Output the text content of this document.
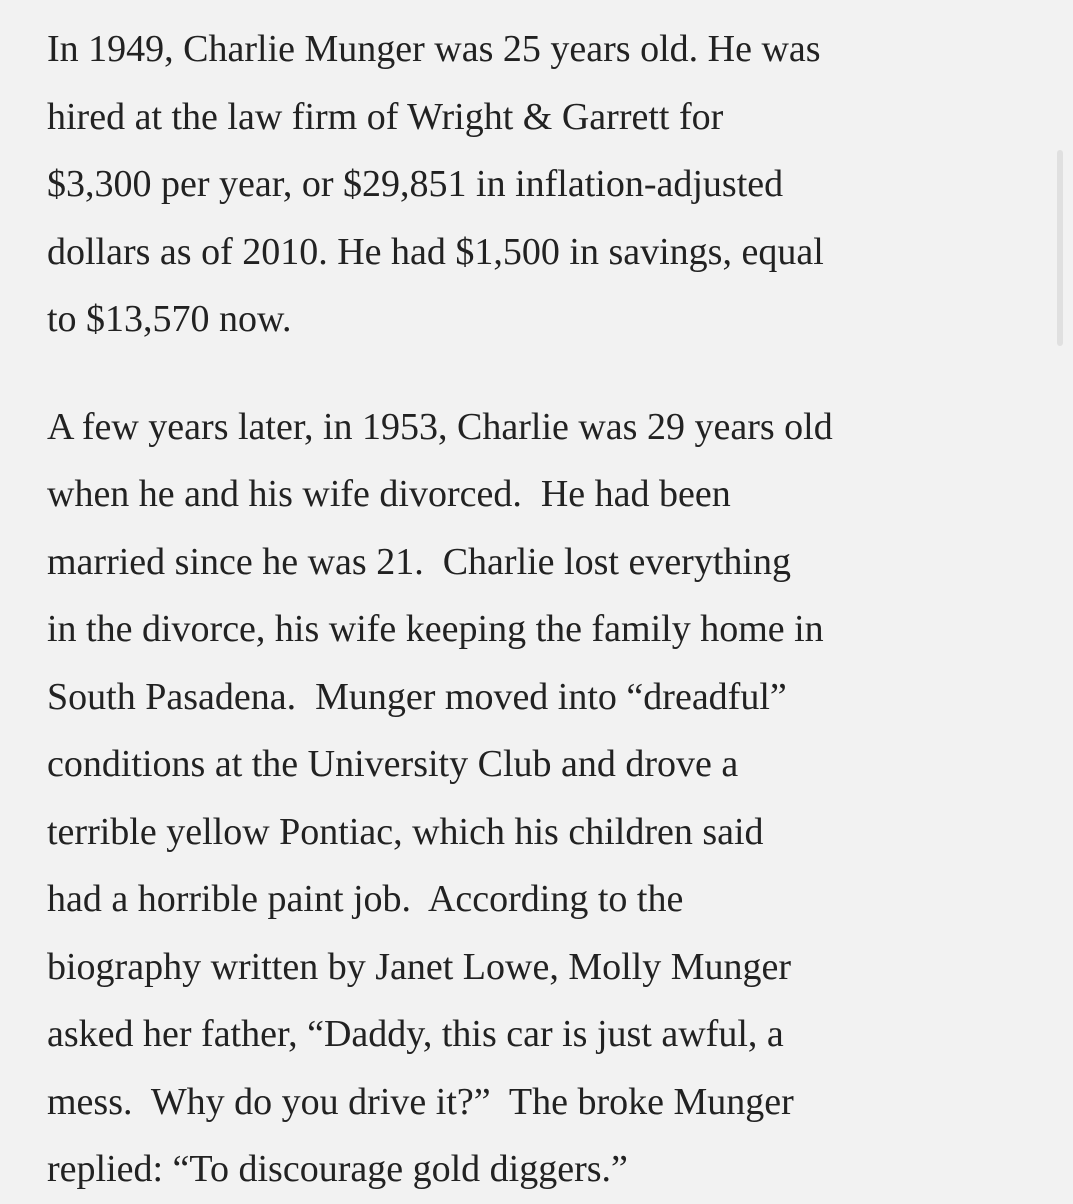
In 1949, Charlie Munger was 25 years old. He was
hired at the law firm of Wright & Garrett for
$3,300 per year, or $29,851 in inflation-adjusted
dollars as of 2010. He had $1,500 in savings, equal
to $13,570 now.
A few years later, in 1953, Charlie was 29 years old
when he and his wife divorced.  He had been
married since he was 21.  Charlie lost everything
in the divorce, his wife keeping the family home in
South Pasadena.  Munger moved into “dreadful”
conditions at the University Club and drove a
terrible yellow Pontiac, which his children said
had a horrible paint job.  According to the
biography written by Janet Lowe, Molly Munger
asked her father, “Daddy, this car is just awful, a
mess.  Why do you drive it?”  The broke Munger
replied: “To discourage gold diggers.”
